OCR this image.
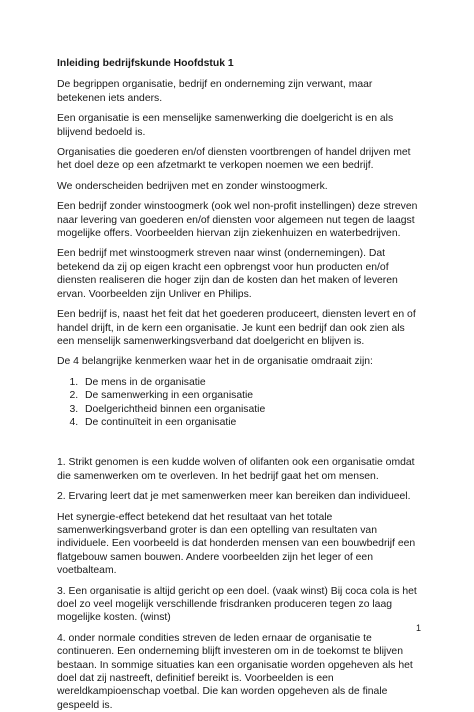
Inleiding bedrijfskunde Hoofdstuk 1

De begrippen organisatie, bedrijf en onderneming zijn verwant, maar betekenen iets anders.

Een organisatie is een menselijke samenwerking die doelgericht is en als blijvend bedoeld is.

Organisaties die goederen en/of diensten voortbrengen of handel drijven met het doel deze op een afzetmarkt te verkopen noemen we een bedrijf.

We onderscheiden bedrijven met en zonder winstoogmerk.

Een bedrijf zonder winstoogmerk (ook wel non-profit instellingen) deze streven naar levering van goederen en/of diensten voor algemeen nut tegen de laagst mogelijke offers. Voorbeelden hiervan zijn ziekenhuizen en waterbedrijven.

Een bedrijf met winstoogmerk streven naar winst (ondernemingen). Dat betekend da zij op eigen kracht een opbrengst voor hun producten en/of diensten realiseren die hoger zijn dan de kosten dan het maken of leveren ervan. Voorbeelden zijn Unliver en Philips.

Een bedrijf is, naast het feit dat het goederen produceert, diensten levert en of handel drijft, in de kern een organisatie. Je kunt een bedrijf dan ook zien als een menselijk samenwerkingsverband dat doelgericht en blijven is.

De 4 belangrijke kenmerken waar het in de organisatie omdraait zijn:

1. De mens in de organisatie
2. De samenwerking in een organisatie
3. Doelgerichtheid binnen een organisatie
4. De continuïteit in een organisatie

1. Strikt genomen is een kudde wolven of olifanten ook een organisatie omdat die samenwerken om te overleven. In het bedrijf gaat het om mensen.

2. Ervaring leert dat je met samenwerken meer kan bereiken dan individueel.

Het synergie-effect betekend dat het resultaat van het totale samenwerkingsverband groter is dan een optelling van resultaten van individuele. Een voorbeeld is dat honderden mensen van een bouwbedrijf een flatgebouw samen bouwen. Andere voorbeelden zijn het leger of een voetbalteam.

3. Een organisatie is altijd gericht op een doel. (vaak winst) Bij coca cola is het doel zo veel mogelijk verschillende frisdranken produceren tegen zo laag mogelijke kosten. (winst)

4. onder normale condities streven de leden ernaar de organisatie te continueren. Een onderneming blijft investeren om in de toekomst te blijven bestaan. In sommige situaties kan een organisatie worden opgeheven als het doel dat zij nastreeft, definitief bereikt is. Voorbeelden is een wereldkampioenschap voetbal. Die kan worden opgeheven als de finale gespeeld is.

1
